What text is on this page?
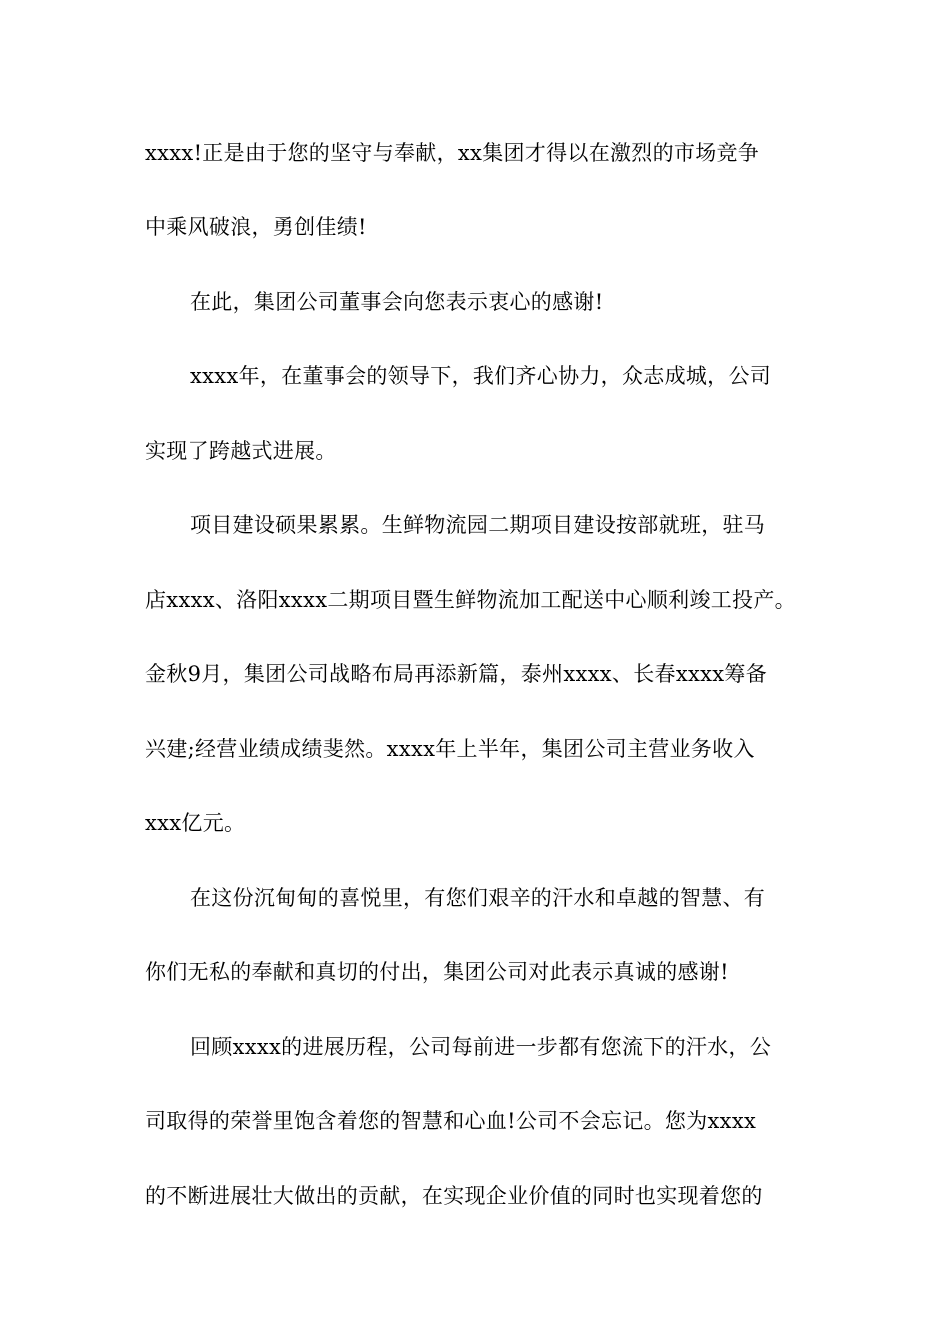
xxxx!正是由于您的坚守与奉献，xx集团才得以在激烈的市场竞争
中乘风破浪，勇创佳绩!
在此，集团公司董事会向您表示衷心的感谢!
xxxx年，在董事会的领导下，我们齐心协力，众志成城，公司
实现了跨越式进展。
项目建设硕果累累。生鲜物流园二期项目建设按部就班，驻马
店xxxx、洛阳xxxx二期项目暨生鲜物流加工配送中心顺利竣工投产。
金秋9月，集团公司战略布局再添新篇，泰州xxxx、长春xxxx筹备
兴建;经营业绩成绩斐然。xxxx年上半年，集团公司主营业务收入
xxx亿元。
在这份沉甸甸的喜悦里，有您们艰辛的汗水和卓越的智慧、有
你们无私的奉献和真切的付出，集团公司对此表示真诚的感谢!
回顾xxxx的进展历程，公司每前进一步都有您流下的汗水，公
司取得的荣誉里饱含着您的智慧和心血!公司不会忘记。您为xxxx
的不断进展壮大做出的贡献，在实现企业价值的同时也实现着您的
